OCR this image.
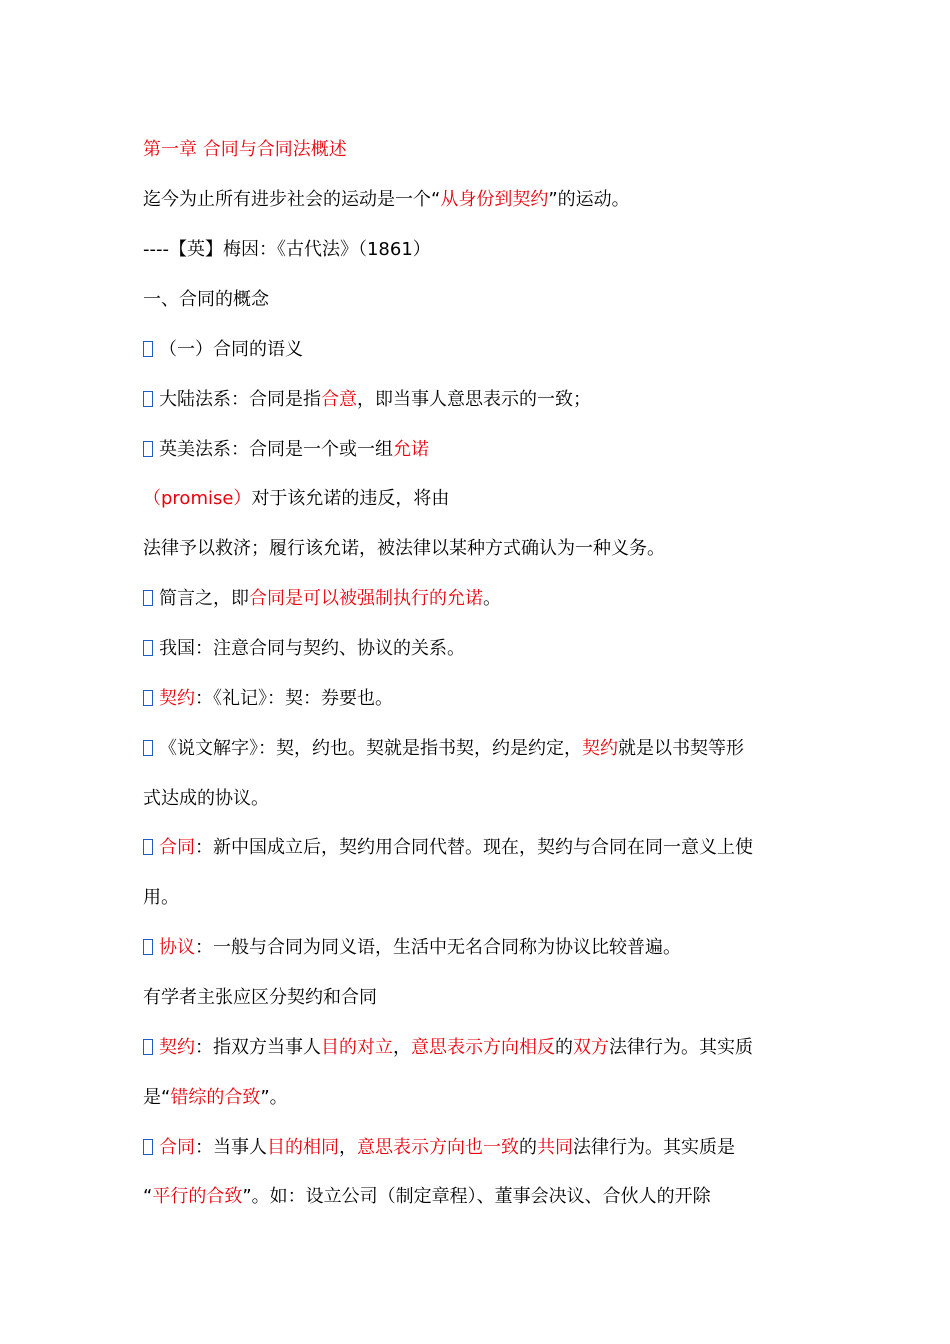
第一章 合同与合同法概述
迄今为止所有进步社会的运动是一个“从身份到契约”的运动。
----【英】梅因：《古代法》（1861）
一、合同的概念
（一）合同的语义
大陆法系：合同是指合意，即当事人意思表示的一致；
英美法系：合同是一个或一组允诺
（promise）对于该允诺的违反，将由
法律予以救济；履行该允诺，被法律以某种方式确认为一种义务。
简言之，即合同是可以被强制执行的允诺。
我国：注意合同与契约、协议的关系。
契约：《礼记》：契：券要也。
《说文解字》：契，约也。契就是指书契，约是约定，契约就是以书契等形
式达成的协议。
合同：新中国成立后，契约用合同代替。现在，契约与合同在同一意义上使
用。
协议：一般与合同为同义语，生活中无名合同称为协议比较普遍。
有学者主张应区分契约和合同
契约：指双方当事人目的对立，意思表示方向相反的双方法律行为。其实质
是“错综的合致”。
合同：当事人目的相同，意思表示方向也一致的共同法律行为。其实质是
“平行的合致”。如：设立公司（制定章程）、董事会决议、合伙人的开除
